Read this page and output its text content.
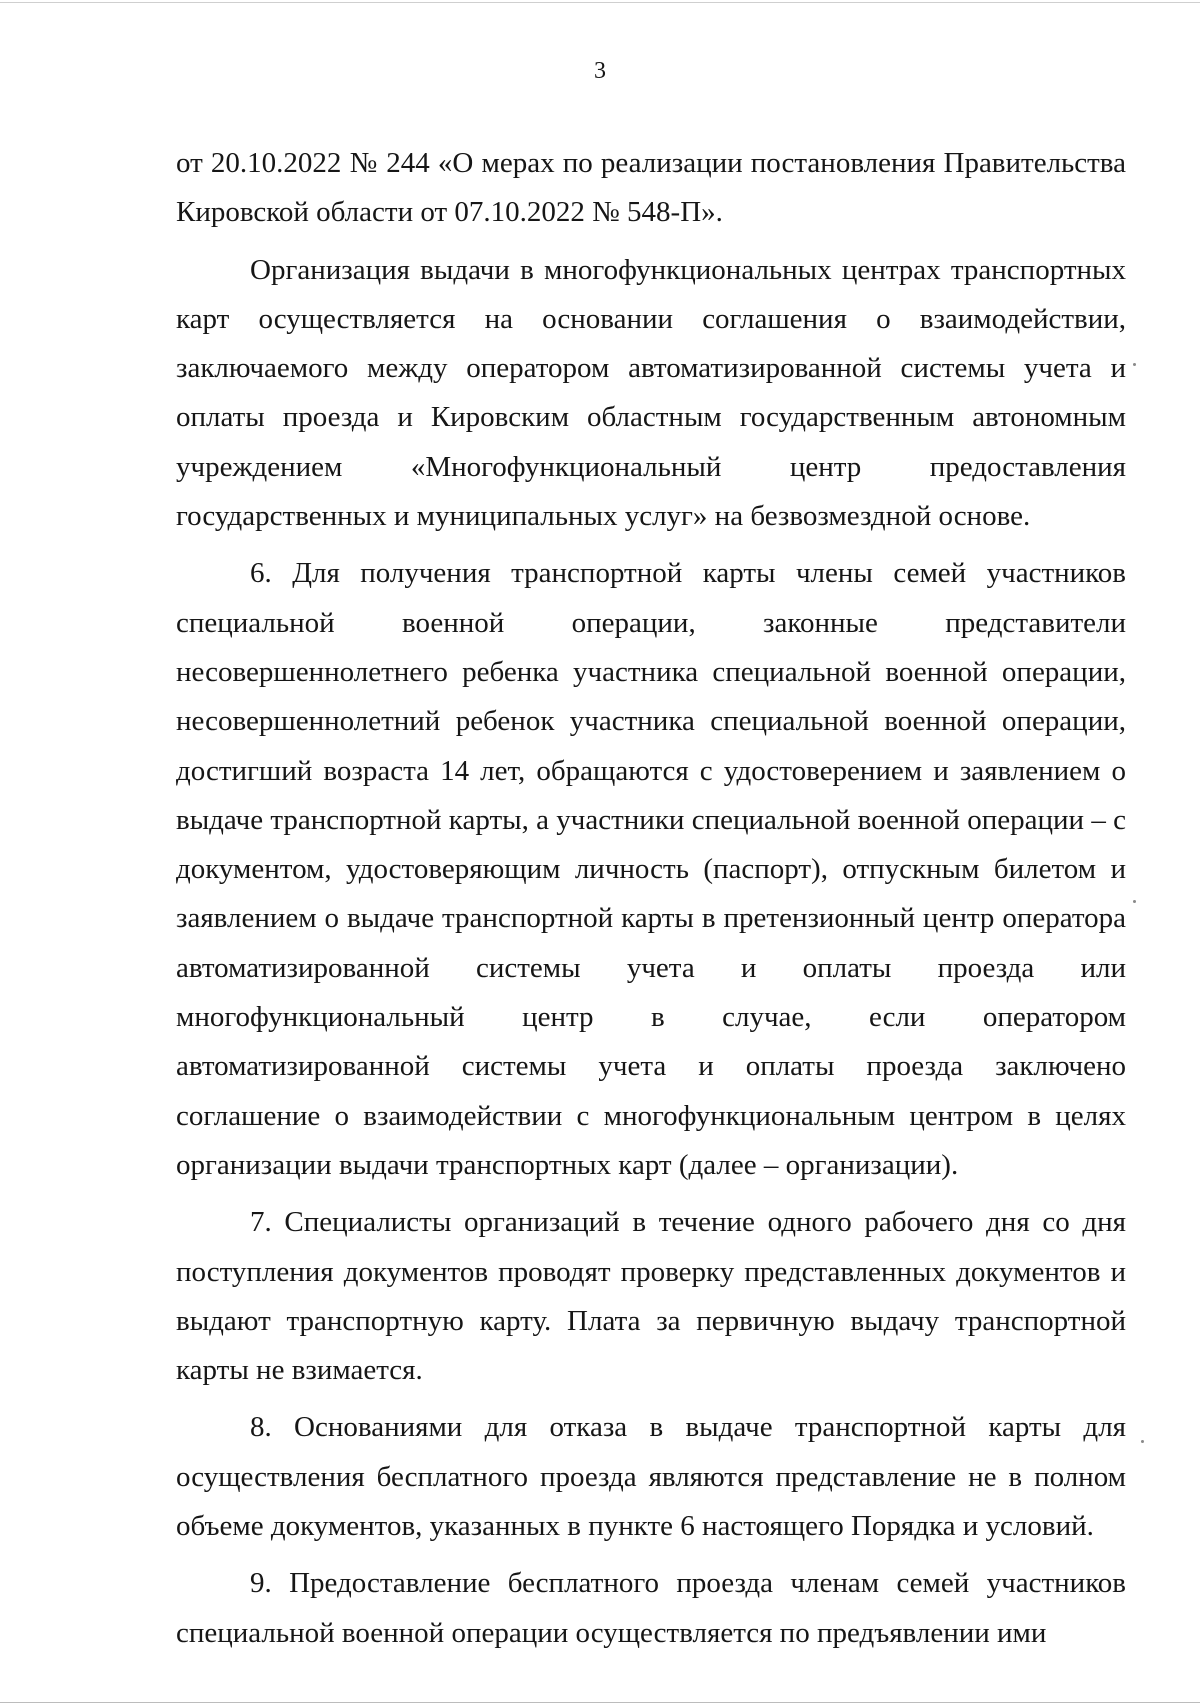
3

от 20.10.2022 № 244 «О мерах по реализации постановления Правительства Кировской области от 07.10.2022 № 548-П».

Организация выдачи в многофункциональных центрах транспортных карт осуществляется на основании соглашения о взаимодействии, заключаемого между оператором автоматизированной системы учета и оплаты проезда и Кировским областным государственным автономным учреждением «Многофункциональный центр предоставления государственных и муниципальных услуг» на безвозмездной основе.

6. Для получения транспортной карты члены семей участников специальной военной операции, законные представители несовершеннолетнего ребенка участника специальной военной операции, несовершеннолетний ребенок участника специальной военной операции, достигший возраста 14 лет, обращаются с удостоверением и заявлением о выдаче транспортной карты, а участники специальной военной операции – с документом, удостоверяющим личность (паспорт), отпускным билетом и заявлением о выдаче транспортной карты в претензионный центр оператора автоматизированной системы учета и оплаты проезда или многофункциональный центр в случае, если оператором автоматизированной системы учета и оплаты проезда заключено соглашение о взаимодействии с многофункциональным центром в целях организации выдачи транспортных карт (далее – организации).

7. Специалисты организаций в течение одного рабочего дня со дня поступления документов проводят проверку представленных документов и выдают транспортную карту. Плата за первичную выдачу транспортной карты не взимается.

8. Основаниями для отказа в выдаче транспортной карты для осуществления бесплатного проезда являются представление не в полном объеме документов, указанных в пункте 6 настоящего Порядка и условий.

9. Предоставление бесплатного проезда членам семей участников специальной военной операции осуществляется по предъявлении ими
